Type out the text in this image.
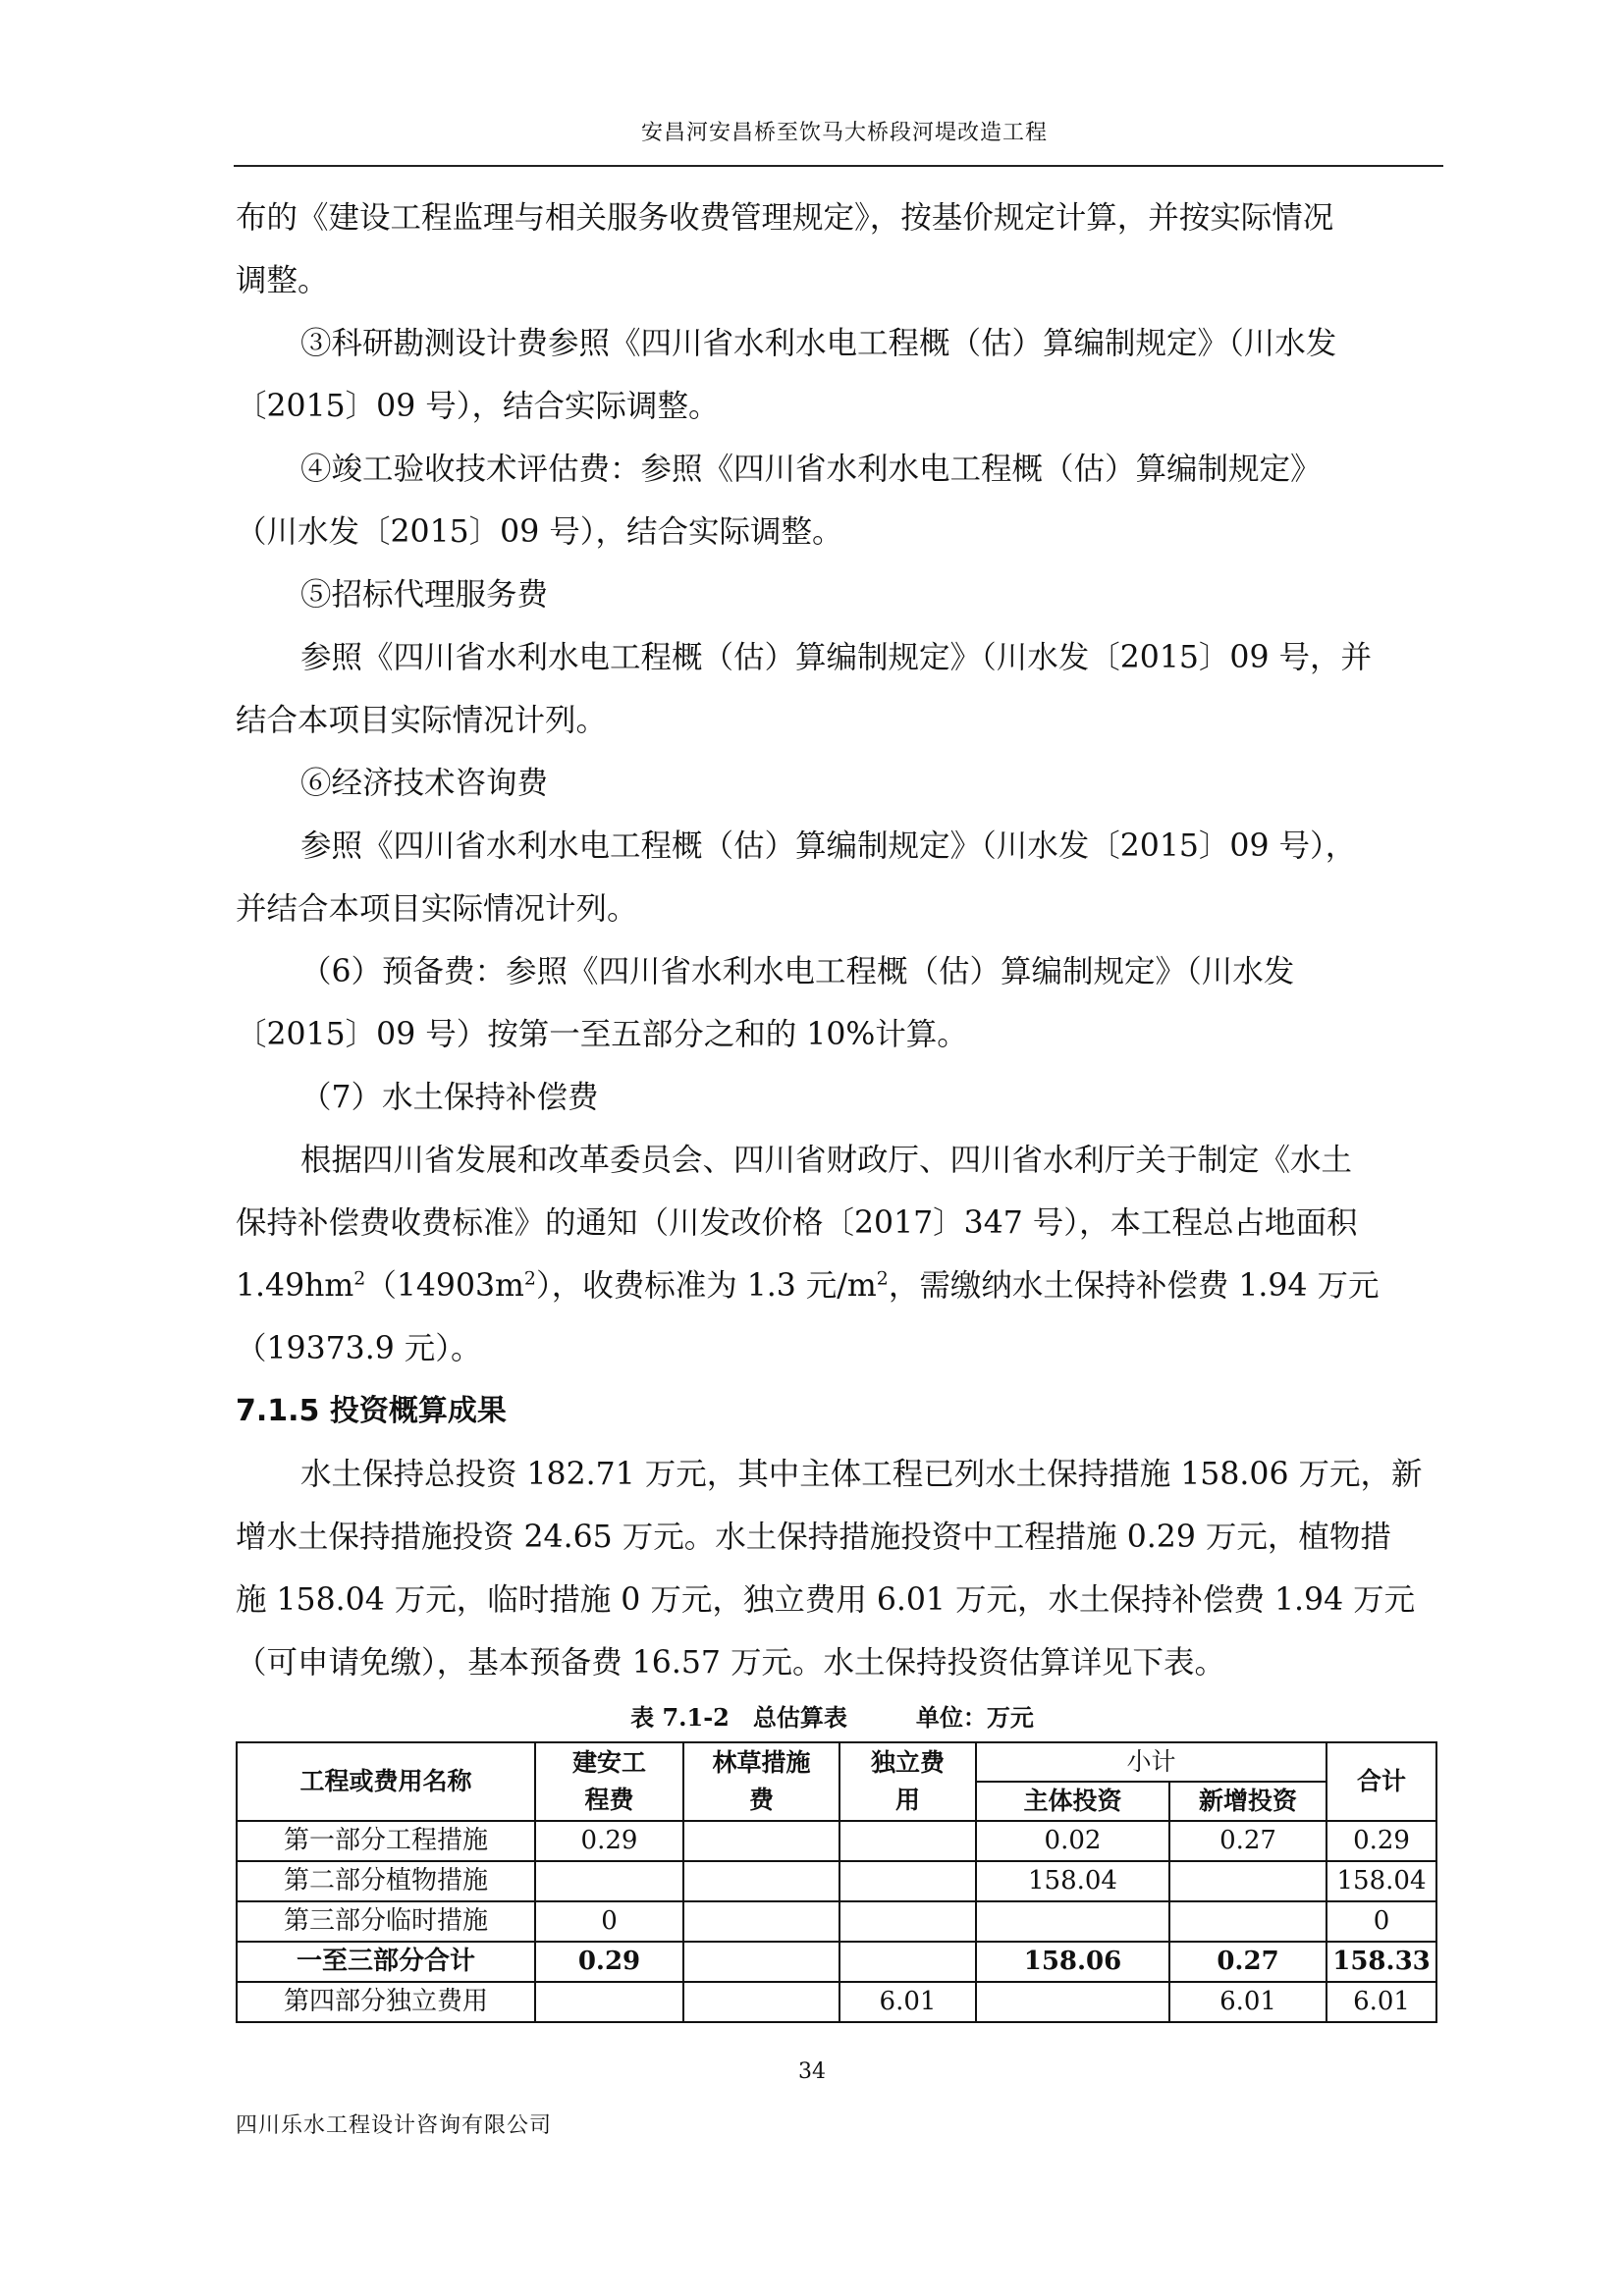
安昌河安昌桥至饮马大桥段河堤改造工程

布的《建设工程监理与相关服务收费管理规定》，按基价规定计算，并按实际情况

调整。

③科研勘测设计费参照《四川省水利水电工程概（估）算编制规定》（川水发

〔2015〕09 号），结合实际调整。

④竣工验收技术评估费：参照《四川省水利水电工程概（估）算编制规定》

（川水发〔2015〕09 号），结合实际调整。

⑤招标代理服务费

参照《四川省水利水电工程概（估）算编制规定》（川水发〔2015〕09 号，并

结合本项目实际情况计列。

⑥经济技术咨询费

参照《四川省水利水电工程概（估）算编制规定》（川水发〔2015〕09 号），

并结合本项目实际情况计列。

（6）预备费：参照《四川省水利水电工程概（估）算编制规定》（川水发

〔2015〕09 号）按第一至五部分之和的 10%计算。

（7）水土保持补偿费

根据四川省发展和改革委员会、四川省财政厅、四川省水利厅关于制定《水土

保持补偿费收费标准》的通知（川发改价格〔2017〕347 号），本工程总占地面积

$1.49hm^2(14903m^2)$，收费标准为 1.3 元$/m^2$，需缴纳水土保持补偿费 1.94 万元

（19373.9 元）。

7.1.5 投资概算成果

水土保持总投资 182.71 万元，其中主体工程已列水土保持措施 158.06 万元，新

增水土保持措施投资 24.65 万元。水土保持措施投资中工程措施 0.29 万元，植物措

施 158.04 万元，临时措施 0 万元，独立费用 6.01 万元，水土保持补偿费 1.94 万元

（可申请免缴），基本预备费 16.57 万元。水土保持投资估算详见下表。

表 7.1-2　总估算表	单位：万元

工程或费用名称	建安工
程费	林草措施
费	独立费
用	小计		合计
				主体投资	新增投资	
第一部分工程措施	0.29			0.02	0.27	0.29
第二部分植物措施				158.04		158.04
第三部分临时措施	0					0
一至三部分合计	0.29			158.06	0.27	158.33
第四部分独立费用			6.01		6.01	6.01
34
四川乐水工程设计咨询有限公司
